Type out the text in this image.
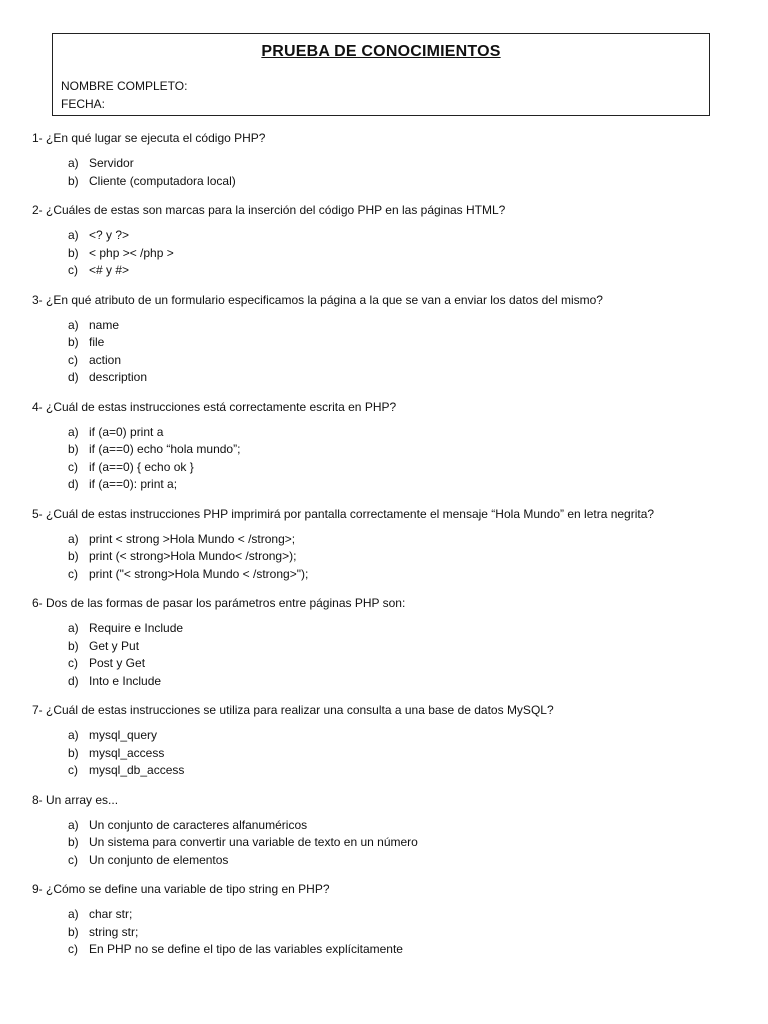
PRUEBA DE CONOCIMIENTOS
NOMBRE COMPLETO:
FECHA:
1- ¿En qué lugar se ejecuta el código PHP?
a) Servidor
b) Cliente (computadora local)
2- ¿Cuáles de estas son marcas para la inserción del código PHP en las páginas HTML?
a) <? y ?>
b) < php >< /php >
c) <# y #>
3- ¿En qué atributo de un formulario especificamos la página a la que se van a enviar los datos del mismo?
a) name
b) file
c) action
d) description
4- ¿Cuál de estas instrucciones está correctamente escrita en PHP?
a) if (a=0) print a
b) if (a==0) echo “hola mundo”;
c) if (a==0) { echo ok }
d) if (a==0): print a;
5- ¿Cuál de estas instrucciones PHP imprimirá por pantalla correctamente el mensaje “Hola Mundo” en letra negrita?
a) print < strong >Hola Mundo < /strong>;
b) print (< strong>Hola Mundo< /strong>);
c) print ("< strong>Hola Mundo < /strong>");
6- Dos de las formas de pasar los parámetros entre páginas PHP son:
a) Require e Include
b) Get y Put
c) Post y Get
d) Into e Include
7- ¿Cuál de estas instrucciones se utiliza para realizar una consulta a una base de datos MySQL?
a) mysql_query
b) mysql_access
c) mysql_db_access
8- Un array es...
a) Un conjunto de caracteres alfanuméricos
b) Un sistema para convertir una variable de texto en un número
c) Un conjunto de elementos
9- ¿Cómo se define una variable de tipo string en PHP?
a) char str;
b) string str;
c) En PHP no se define el tipo de las variables explícitamente
